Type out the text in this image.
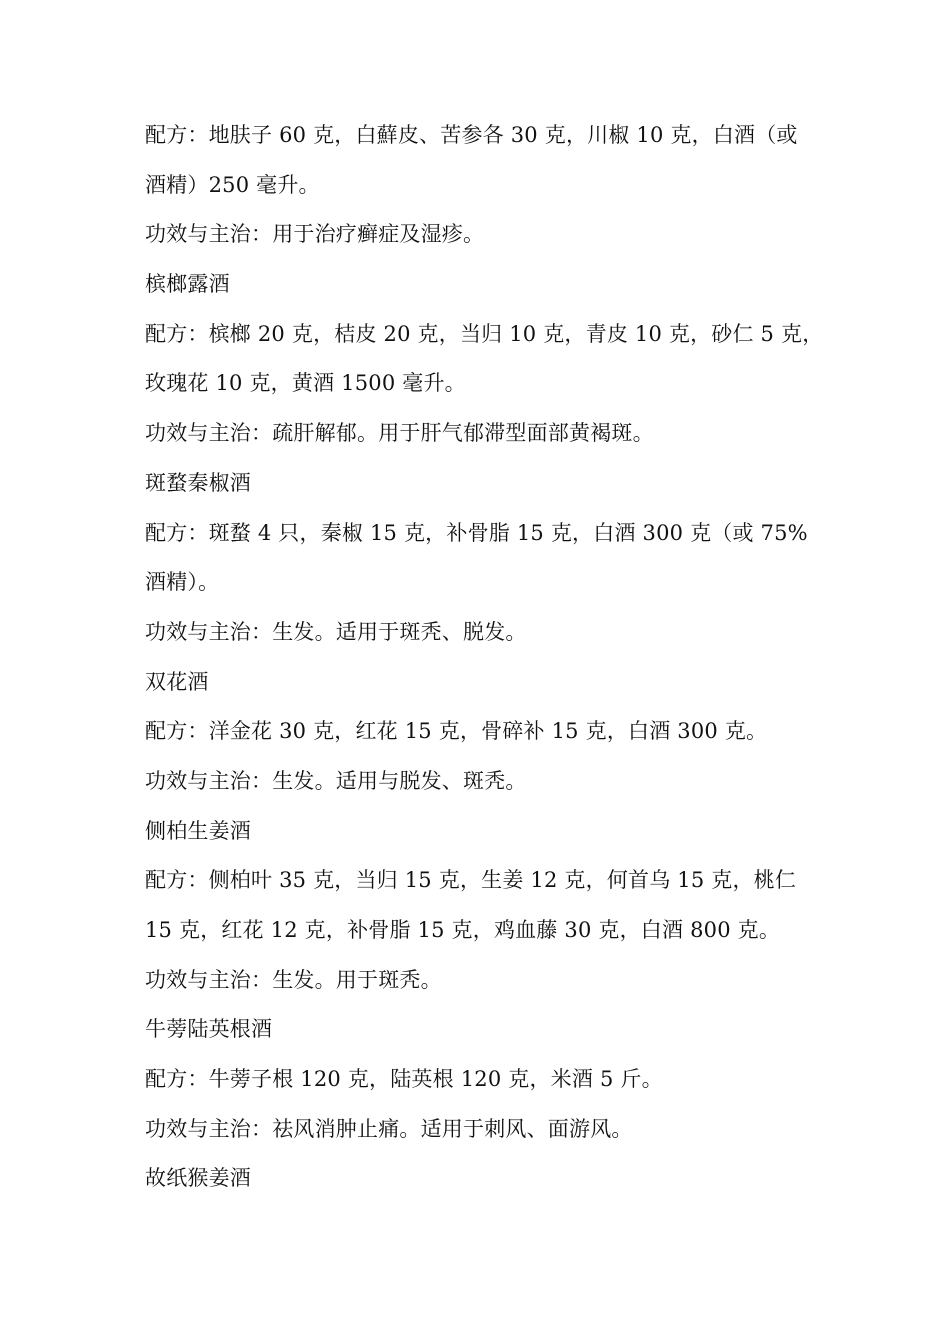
配方：地肤子 60 克，白蘚皮、苦参各 30 克，川椒 10 克，白酒（或
酒精）250 毫升。
功效与主治：用于治疗癣症及湿疹。
槟榔露酒
配方：槟榔 20 克，桔皮 20 克，当归 10 克，青皮 10 克，砂仁 5 克，
玫瑰花 10 克，黄酒 1500 毫升。
功效与主治：疏肝解郁。用于肝气郁滞型面部黄褐斑。
斑蝥秦椒酒
配方：斑蝥 4 只，秦椒 15 克，补骨脂 15 克，白酒 300 克（或 75%
酒精）。
功效与主治：生发。适用于斑秃、脱发。
双花酒
配方：洋金花 30 克，红花 15 克，骨碎补 15 克，白酒 300 克。
功效与主治：生发。适用与脱发、斑秃。
侧柏生姜酒
配方：侧柏叶 35 克，当归 15 克，生姜 12 克，何首乌 15 克，桃仁
15 克，红花 12 克，补骨脂 15 克，鸡血藤 30 克，白酒 800 克。
功效与主治：生发。用于斑秃。
牛蒡陆英根酒
配方：牛蒡子根 120 克，陆英根 120 克，米酒 5 斤。
功效与主治：祛风消肿止痛。适用于刺风、面游风。
故纸猴姜酒
